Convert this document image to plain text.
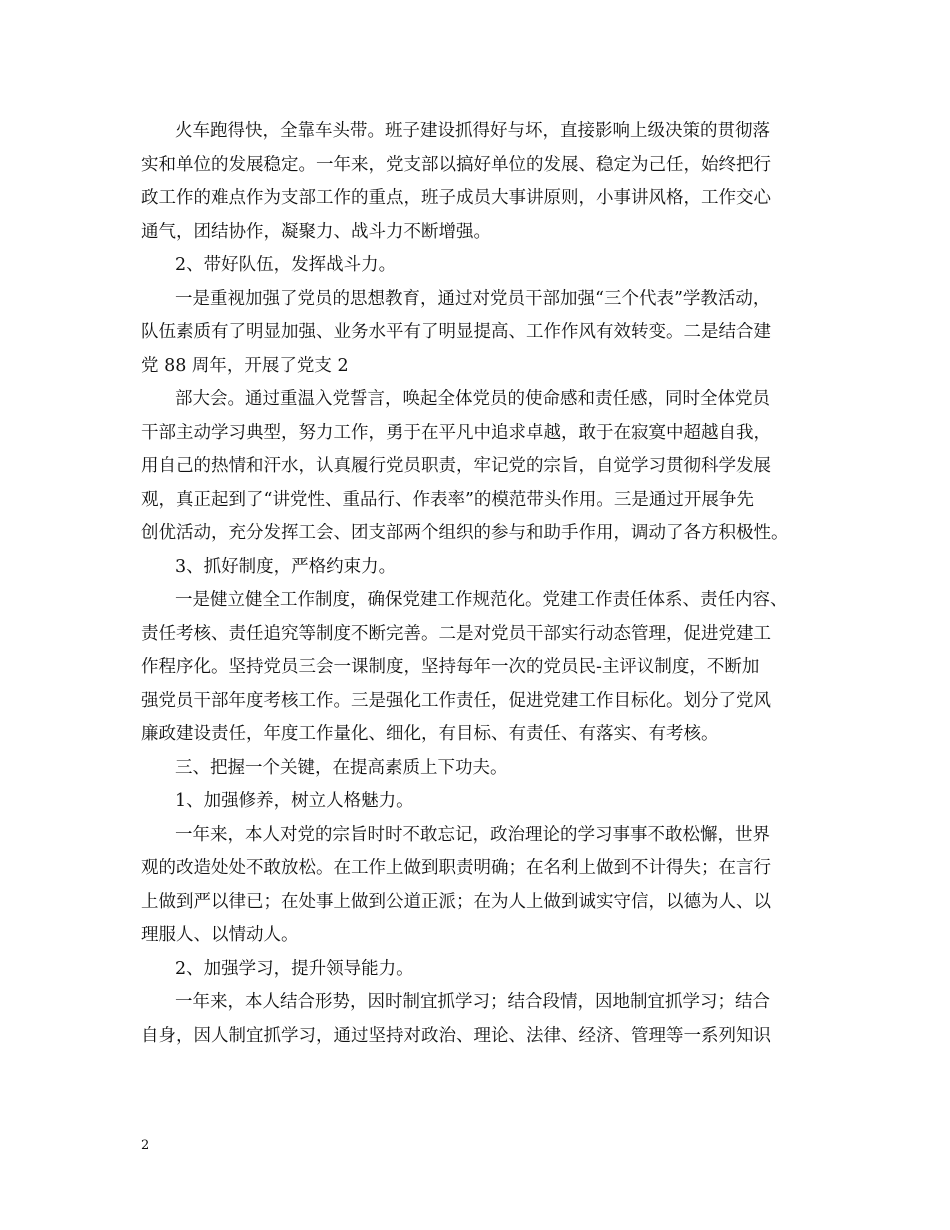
火车跑得快，全靠车头带。班子建设抓得好与坏，直接影响上级决策的贯彻落
实和单位的发展稳定。一年来，党支部以搞好单位的发展、稳定为己任，始终把行
政工作的难点作为支部工作的重点，班子成员大事讲原则，小事讲风格，工作交心
通气，团结协作，凝聚力、战斗力不断增强。
2、带好队伍，发挥战斗力。
一是重视加强了党员的思想教育，通过对党员干部加强“三个代表”学教活动，
队伍素质有了明显加强、业务水平有了明显提高、工作作风有效转变。二是结合建
党 88 周年，开展了党支 2
部大会。通过重温入党誓言，唤起全体党员的使命感和责任感，同时全体党员
干部主动学习典型，努力工作，勇于在平凡中追求卓越，敢于在寂寞中超越自我，
用自己的热情和汗水，认真履行党员职责，牢记党的宗旨，自觉学习贯彻科学发展
观，真正起到了“讲党性、重品行、作表率”的模范带头作用。三是通过开展争先
创优活动，充分发挥工会、团支部两个组织的参与和助手作用，调动了各方积极性。
3、抓好制度，严格约束力。
一是健立健全工作制度，确保党建工作规范化。党建工作责任体系、责任内容、
责任考核、责任追究等制度不断完善。二是对党员干部实行动态管理，促进党建工
作程序化。坚持党员三会一课制度，坚持每年一次的党员民-主评议制度，不断加
强党员干部年度考核工作。三是强化工作责任，促进党建工作目标化。划分了党风
廉政建设责任，年度工作量化、细化，有目标、有责任、有落实、有考核。
三、把握一个关键，在提高素质上下功夫。
1、加强修养，树立人格魅力。
一年来，本人对党的宗旨时时不敢忘记，政治理论的学习事事不敢松懈，世界
观的改造处处不敢放松。在工作上做到职责明确；在名利上做到不计得失；在言行
上做到严以律已；在处事上做到公道正派；在为人上做到诚实守信，以德为人、以
理服人、以情动人。
2、加强学习，提升领导能力。
一年来，本人结合形势，因时制宜抓学习；结合段情，因地制宜抓学习；结合
自身，因人制宜抓学习，通过坚持对政治、理论、法律、经济、管理等一系列知识
2
